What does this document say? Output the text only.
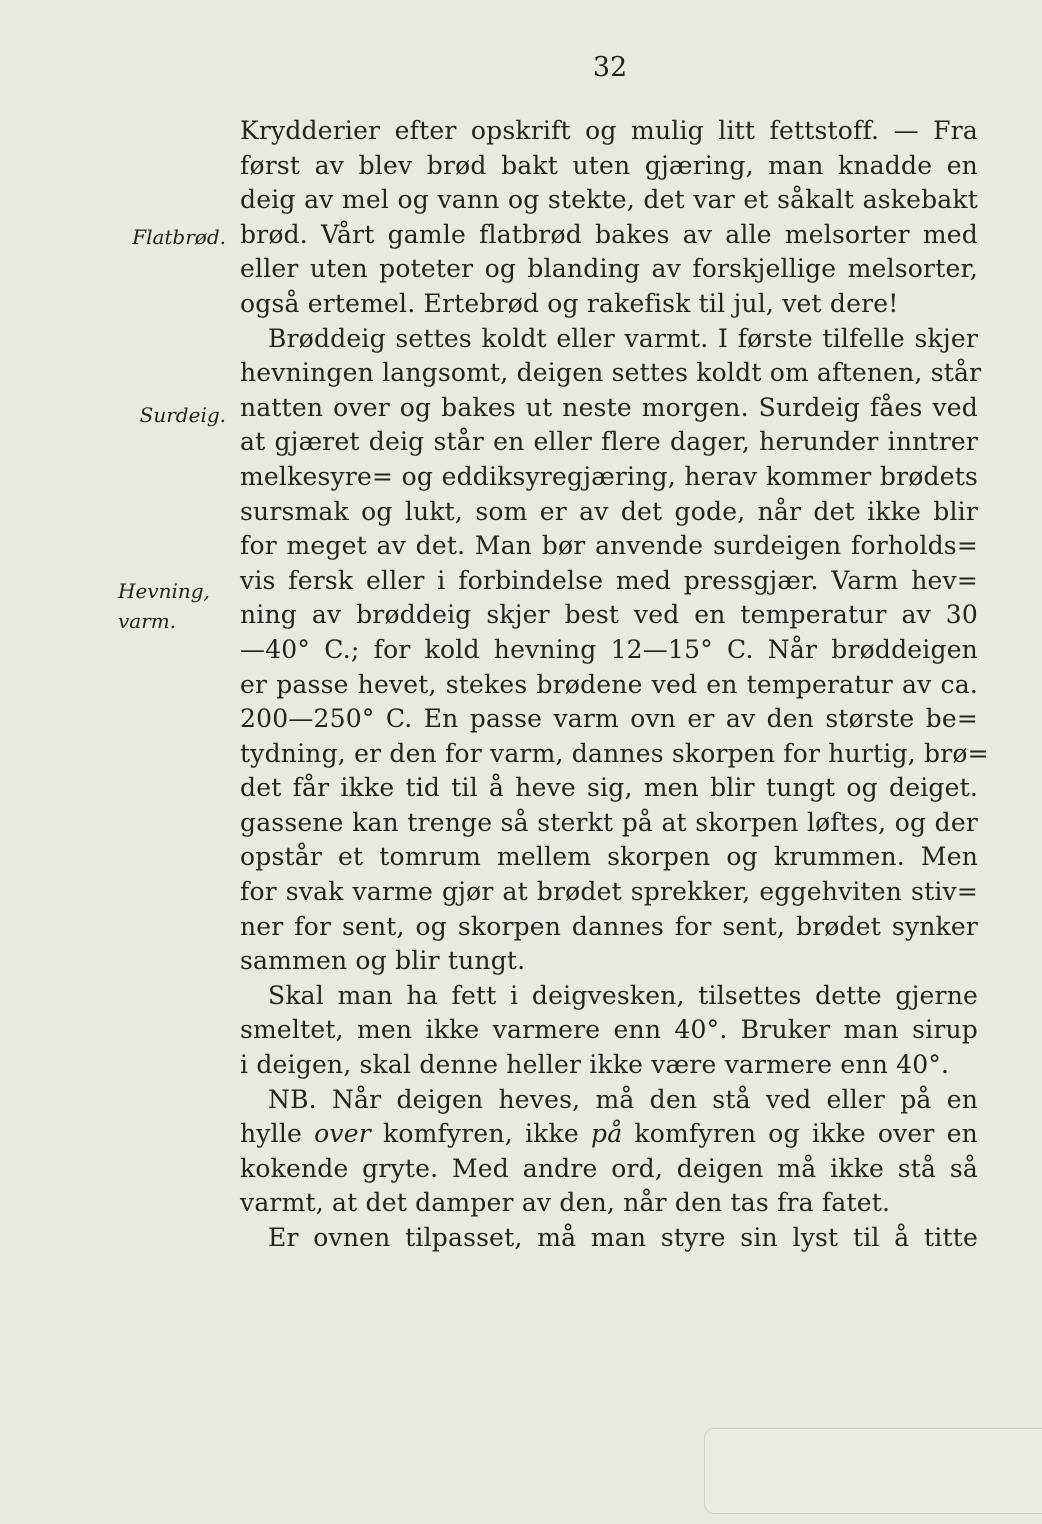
32
Flatbrød.
Surdeig.
Hevning,
varm.
Krydderier efter opskrift og mulig litt fettstoff. — Fra
først av blev brød bakt uten gjæring, man knadde en
deig av mel og vann og stekte, det var et såkalt askebakt
brød. Vårt gamle flatbrød bakes av alle melsorter med
eller uten poteter og blanding av forskjellige melsorter,
også ertemel. Ertebrød og rakefisk til jul, vet dere!
Brøddeig settes koldt eller varmt. I første tilfelle skjer
hevningen langsomt, deigen settes koldt om aftenen, står
natten over og bakes ut neste morgen. Surdeig fåes ved
at gjæret deig står en eller flere dager, herunder inntrer
melkesyre= og eddiksyregjæring, herav kommer brødets
sursmak og lukt, som er av det gode, når det ikke blir
for meget av det. Man bør anvende surdeigen forholds=
vis fersk eller i forbindelse med pressgjær. Varm hev=
ning av brøddeig skjer best ved en temperatur av 30
—40° C.; for kold hevning 12—15° C. Når brøddeigen
er passe hevet, stekes brødene ved en temperatur av ca.
200—250° C. En passe varm ovn er av den største be=
tydning, er den for varm, dannes skorpen for hurtig, brø=
det får ikke tid til å heve sig, men blir tungt og deiget.
gassene kan trenge så sterkt på at skorpen løftes, og der
opstår et tomrum mellem skorpen og krummen. Men
for svak varme gjør at brødet sprekker, eggehviten stiv=
ner for sent, og skorpen dannes for sent, brødet synker
sammen og blir tungt.
Skal man ha fett i deigvesken, tilsettes dette gjerne
smeltet, men ikke varmere enn 40°. Bruker man sirup
i deigen, skal denne heller ikke være varmere enn 40°.
NB. Når deigen heves, må den stå ved eller på en
hylle over komfyren, ikke på komfyren og ikke over en
kokende gryte. Med andre ord, deigen må ikke stå så
varmt, at det damper av den, når den tas fra fatet.
Er ovnen tilpasset, må man styre sin lyst til å titte
